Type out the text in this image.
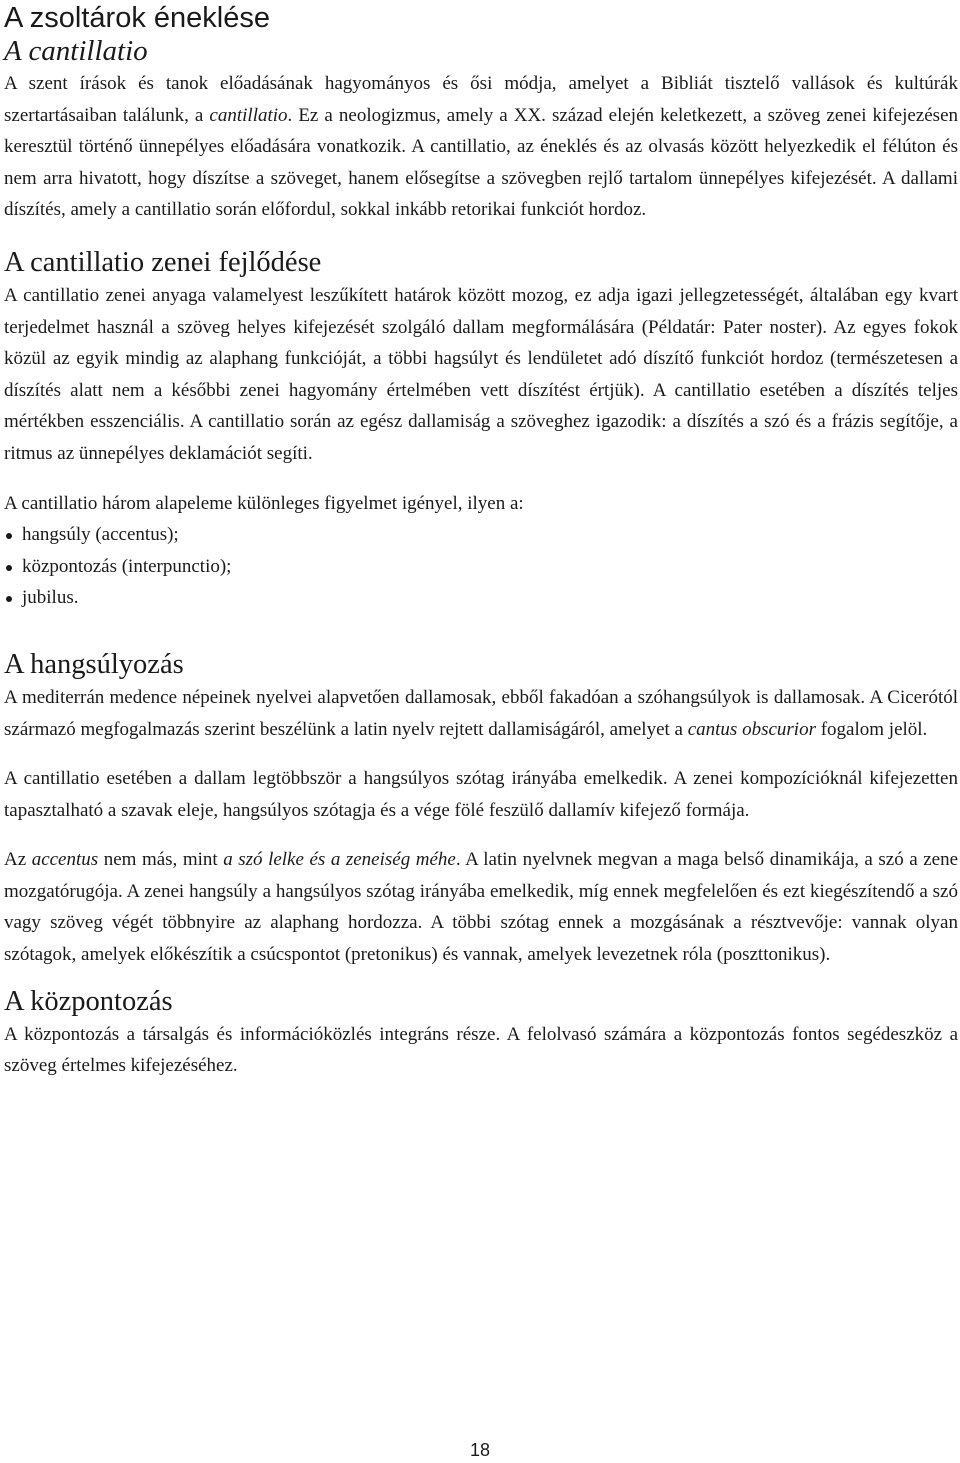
A zsoltárok éneklése
A cantillatio

A szent írások és tanok előadásának hagyományos és ősi módja, amelyet a Bibliát tisztelő vallások és kultúrák szertartásaiban találunk, a cantillatio. Ez a neologizmus, amely a XX. század elején keletkezett, a szöveg zenei kifejezésen keresztül történő ünnepélyes előadására vonatkozik. A cantillatio, az éneklés és az olvasás között helyezkedik el félúton és nem arra hivatott, hogy díszítse a szöveget, hanem elősegítse a szövegben rejlő tartalom ünnepélyes kifejezését. A dallami díszítés, amely a cantillatio során előfordul, sokkal inkább retorikai funkciót hordoz.

A cantillatio zenei fejlődése

A cantillatio zenei anyaga valamelyest leszűkített határok között mozog, ez adja igazi jellegzetességét, általában egy kvart terjedelmet használ a szöveg helyes kifejezését szolgáló dallam megformálására (Példatár: Pater noster). Az egyes fokok közül az egyik mindig az alaphang funkcióját, a többi hagsúlyt és lendületet adó díszítő funkciót hordoz (természetesen a díszítés alatt nem a későbbi zenei hagyomány értelmében vett díszítést értjük). A cantillatio esetében a díszítés teljes mértékben esszenciális. A cantillatio során az egész dallamiság a szöveghez igazodik: a díszítés a szó és a frázis segítője, a ritmus az ünnepélyes deklamációt segíti.

A cantillatio három alapeleme különleges figyelmet igényel, ilyen a:

hangsúly (accentus);
központozás (interpunctio);
jubilus.
A hangsúlyozás

A mediterrán medence népeinek nyelvei alapvetően dallamosak, ebből fakadóan a szóhangsúlyok is dallamosak. A Cicerótól származó megfogalmazás szerint beszélünk a latin nyelv rejtett dallamiságáról, amelyet a cantus obscurior fogalom jelöl.

A cantillatio esetében a dallam legtöbbször a hangsúlyos szótag irányába emelkedik. A zenei kompozícióknál kifejezetten tapasztalható a szavak eleje, hangsúlyos szótagja és a vége fölé feszülő dallamív kifejező formája.

Az accentus nem más, mint a szó lelke és a zeneiség méhe. A latin nyelvnek megvan a maga belső dinamikája, a szó a zene mozgatórugója. A zenei hangsúly a hangsúlyos szótag irányába emelkedik, míg ennek megfelelően és ezt kiegészítendő a szó vagy szöveg végét többnyire az alaphang hordozza. A többi szótag ennek a mozgásának a résztvevője: vannak olyan szótagok, amelyek előkészítik a csúcspontot (pretonikus) és vannak, amelyek levezetnek róla (poszttonikus).

A központozás

A központozás a társalgás és információközlés integráns része. A felolvasó számára a központozás fontos segédeszköz a szöveg értelmes kifejezéséhez.

18
